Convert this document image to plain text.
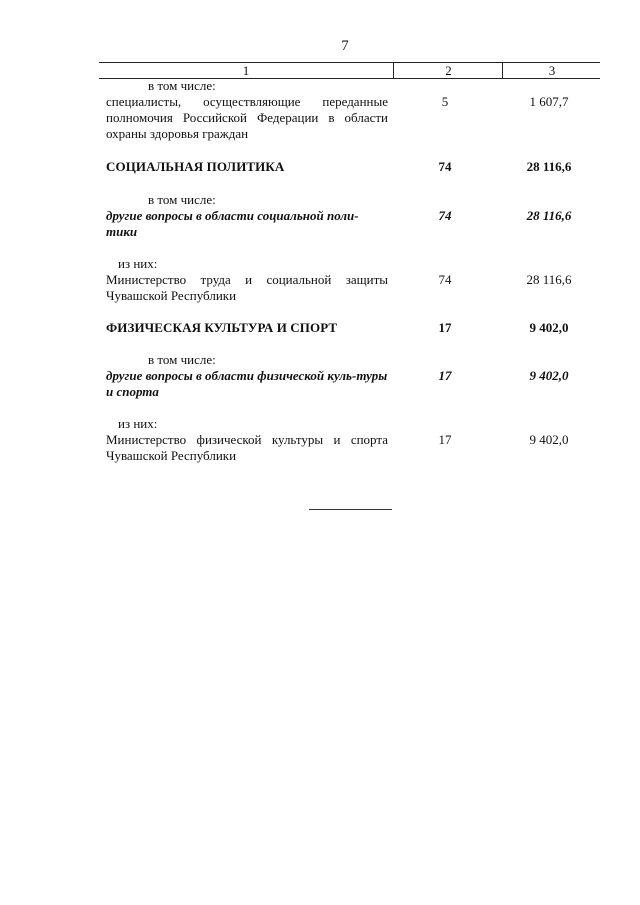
7
1	2	3
в том числе:
специалисты, осуществляющие переданные полномочия Российской Федерации в области охраны здоровья граждан
5	1 607,7
СОЦИАЛЬНАЯ ПОЛИТИКА	74	28 116,6
в том числе:
другие вопросы в области социальной поли-тики
74	28 116,6
из них:
Министерство труда и социальной защиты Чувашской Республики
74	28 116,6
ФИЗИЧЕСКАЯ КУЛЬТУРА И СПОРТ	17	9 402,0
в том числе:
другие вопросы в области физической куль-туры и спорта
17	9 402,0
из них:
Министерство физической культуры и спорта Чувашской Республики
17	9 402,0
